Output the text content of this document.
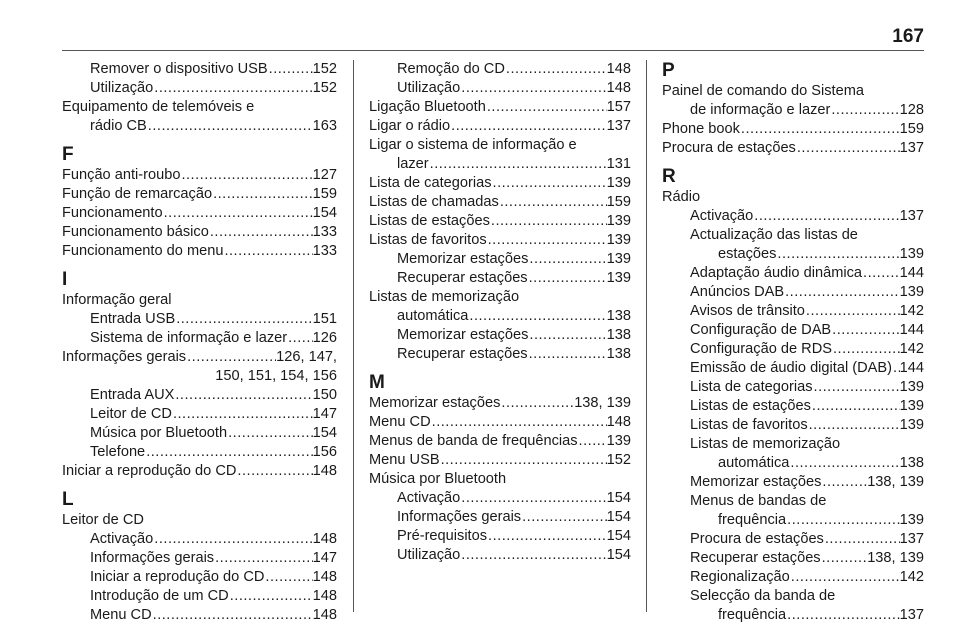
167
Remover o dispositivo USB .....	152
Utilização .....	152
Equipamento de telemóveis e
rádio CB .....	163
F
Função anti-roubo .....	127
Função de remarcação .....	159
Funcionamento .....	154
Funcionamento básico .....	133
Funcionamento do menu .....	133
I
Informação geral
Entrada USB .....	151
Sistema de informação e lazer ..... 126
Informações gerais .....	126, 147,
150, 151, 154, 156
Entrada AUX .....	150
Leitor de CD .....	147
Música por Bluetooth .....	154
Telefone .....	156
Iniciar a reprodução do CD .....	148
L
Leitor de CD
Activação .....	148
Informações gerais .....	147
Iniciar a reprodução do CD .....	148
Introdução de um CD .....	148
Menu CD .....	148
Remoção do CD .....	148
Utilização .....	148
Ligação Bluetooth .....	157
Ligar o rádio .....	137
Ligar o sistema de informação e
lazer .....	131
Lista de categorias .....	139
Listas de chamadas .....	159
Listas de estações .....	139
Listas de favoritos .....	139
Memorizar estações .....	139
Recuperar estações .....	139
Listas de memorização
automática .....	138
Memorizar estações .....	138
Recuperar estações .....	138
M
Memorizar estações .....	138, 139
Menu CD .....	148
Menus de banda de frequências ..... 139
Menu USB .....	152
Música por Bluetooth
Activação .....	154
Informações gerais .....	154
Pré-requisitos .....	154
Utilização .....	154
P
Painel de comando do Sistema
de informação e lazer .....	128
Phone book .....	159
Procura de estações .....	137
R
Rádio
Activação .....	137
Actualização das listas de
estações .....	139
Adaptação áudio dinâmica .....	144
Anúncios DAB .....	139
Avisos de trânsito .....	142
Configuração de DAB .....	144
Configuração de RDS .....	142
Emissão de áudio digital (DAB) ..... 144
Lista de categorias .....	139
Listas de estações .....	139
Listas de favoritos .....	139
Listas de memorização
automática .....	138
Memorizar estações .....	138, 139
Menus de bandas de
frequência .....	139
Procura de estações .....	137
Recuperar estações .....	138, 139
Regionalização .....	142
Selecção da banda de
frequência .....	137
